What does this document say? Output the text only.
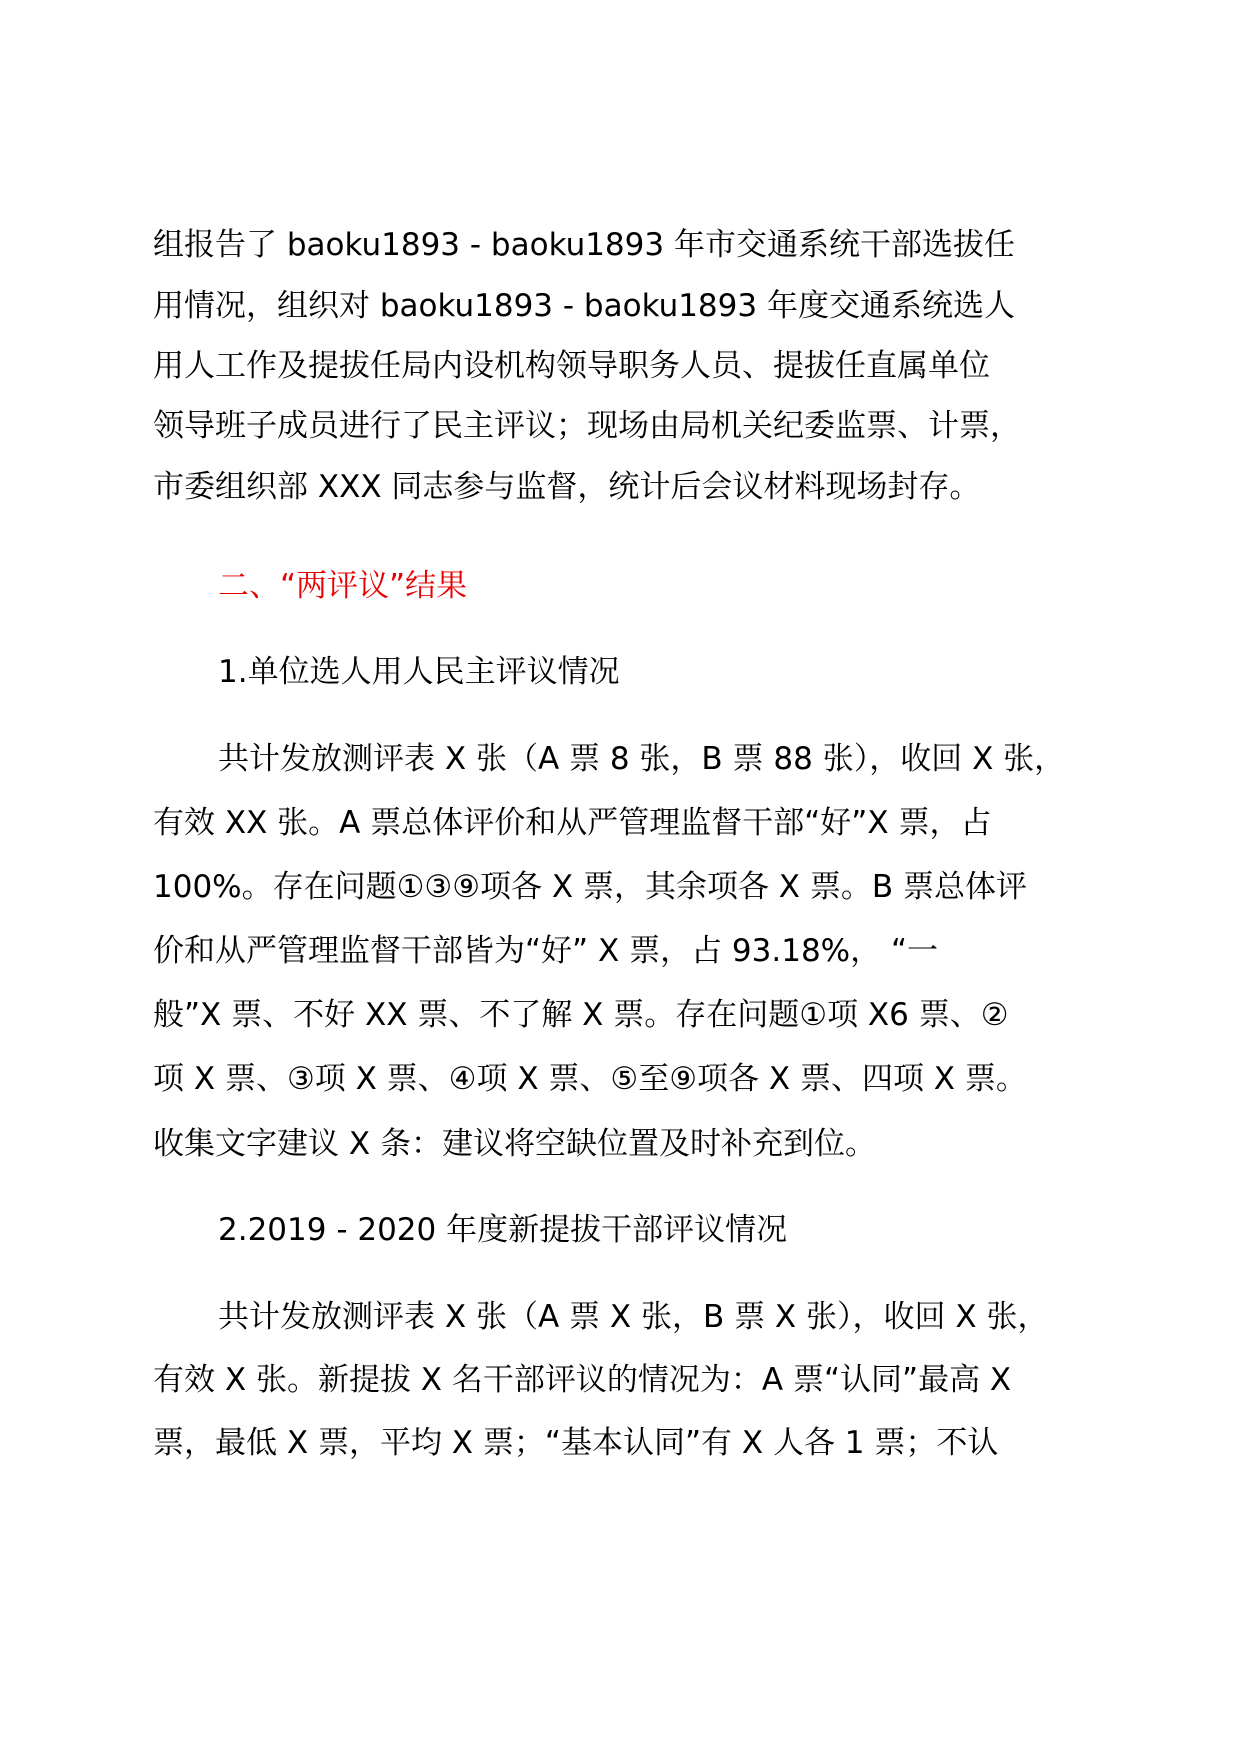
组报告了 baoku1893 - baoku1893 年市交通系统干部选拔任
用情况，组织对 baoku1893 - baoku1893 年度交通系统选人
用人工作及提拔任局内设机构领导职务人员、提拔任直属单位
领导班子成员进行了民主评议；现场由局机关纪委监票、计票，
市委组织部 XXX 同志参与监督，统计后会议材料现场封存。
二、“两评议”结果
1.单位选人用人民主评议情况
共计发放测评表 X 张（A 票 8 张，B 票 88 张），收回 X 张，
有效 XX 张。A 票总体评价和从严管理监督干部“好”X 票，占
100%。存在问题①③⑨项各 X 票，其余项各 X 票。B 票总体评
价和从严管理监督干部皆为“好” X 票，占 93.18%， “一
般”X 票、不好 XX 票、不了解 X 票。存在问题①项 X6 票、②
项 X 票、③项 X 票、④项 X 票、⑤至⑨项各 X 票、四项 X 票。
收集文字建议 X 条：建议将空缺位置及时补充到位。
2.2019 - 2020 年度新提拔干部评议情况
共计发放测评表 X 张（A 票 X 张，B 票 X 张），收回 X 张，
有效 X 张。新提拔 X 名干部评议的情况为：A 票“认同”最高 X
票，最低 X 票，平均 X 票；“基本认同”有 X 人各 1 票；不认
